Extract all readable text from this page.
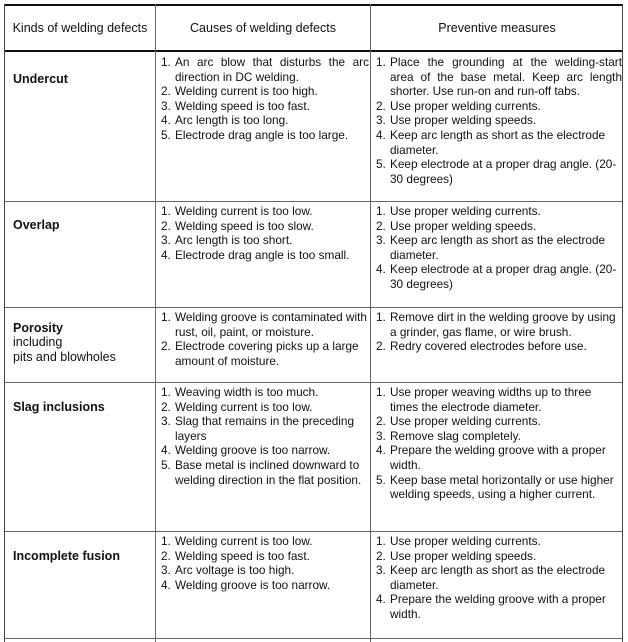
Kinds of welding defects	Causes of welding defects	Preventive measures
Undercut
1. An arc blow that disturbs the arc direction in DC welding.
2. Welding current is too high.
3. Welding speed is too fast.
4. Arc length is too long.
5. Electrode drag angle is too large.
1. Place the grounding at the welding-start area of the base metal. Keep arc length shorter. Use run-on and run-off tabs.
2. Use proper welding currents.
3. Use proper welding speeds.
4. Keep arc length as short as the electrode diameter.
5. Keep electrode at a proper drag angle. (20-30 degrees)
Overlap
1. Welding current is too low.
2. Welding speed is too slow.
3. Arc length is too short.
4. Electrode drag angle is too small.
1. Use proper welding currents.
2. Use proper welding speeds.
3. Keep arc length as short as the electrode diameter.
4. Keep electrode at a proper drag angle. (20-30 degrees)
Porosity
including
pits and blowholes
1. Welding groove is contaminated with rust, oil, paint, or moisture.
2. Electrode covering picks up a large amount of moisture.
1. Remove dirt in the welding groove by using a grinder, gas flame, or wire brush.
2. Redry covered electrodes before use.
Slag inclusions
1. Weaving width is too much.
2. Welding current is too low.
3. Slag that remains in the preceding layers
4. Welding groove is too narrow.
5. Base metal is inclined downward to welding direction in the flat position.
1. Use proper weaving widths up to three times the electrode diameter.
2. Use proper welding currents.
3. Remove slag completely.
4. Prepare the welding groove with a proper width.
5. Keep base metal horizontally or use higher welding speeds, using a higher current.
Incomplete fusion
1. Welding current is too low.
2. Welding speed is too fast.
3. Arc voltage is too high.
4. Welding groove is too narrow.
1. Use proper welding currents.
2. Use proper welding speeds.
3. Keep arc length as short as the electrode diameter.
4. Prepare the welding groove with a proper width.
